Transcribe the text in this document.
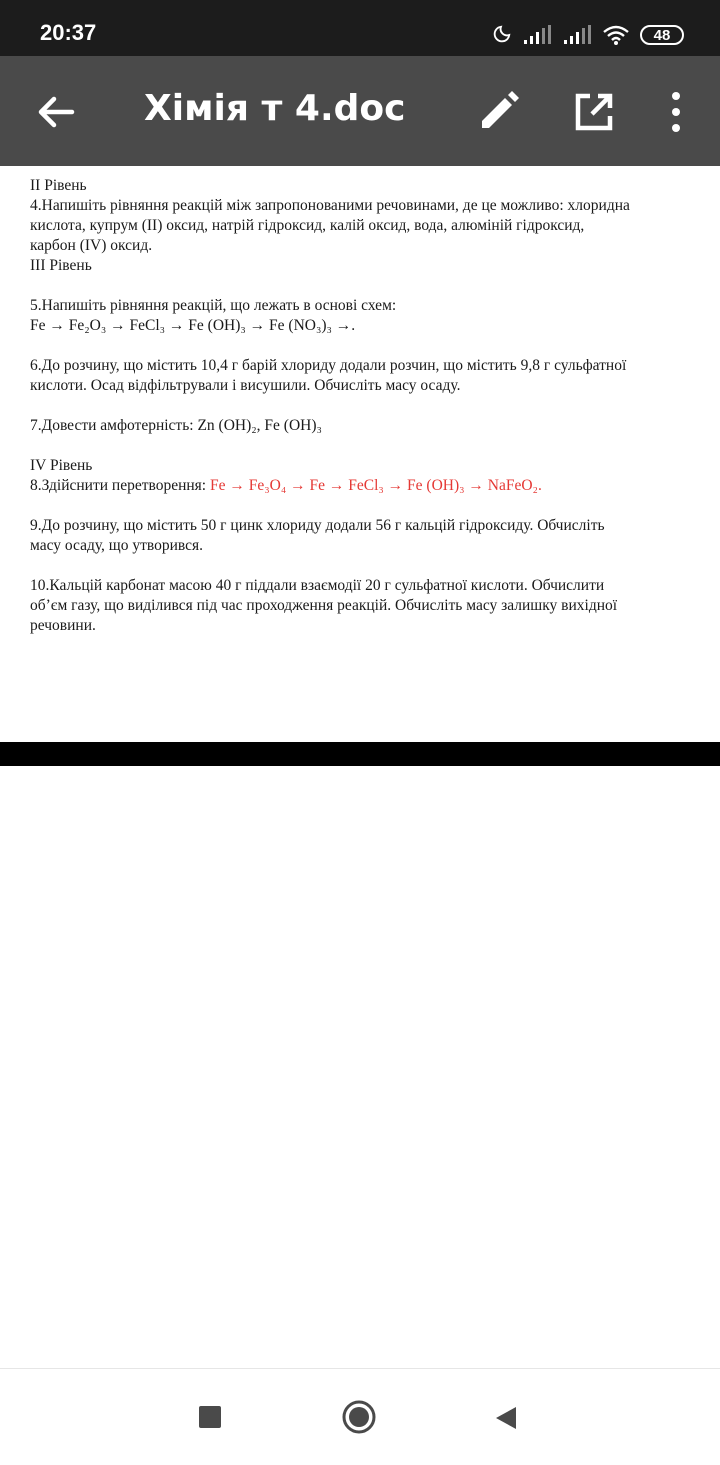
20:37	48
Хімія т 4.doc

II Рівень

4.Напишіть рівняння реакцій між запропонованими речовинами, де це можливо: хлоридна

кислота, купрум (II) оксид, натрій гідроксид, калій оксид, вода, алюміній гідроксид,

карбон (IV) оксид.

III Рівень

5.Напишіть рівняння реакцій, що лежать в основі схем:

Fe → Fe₂O₃ → FeCl₃ → Fe (OH)₃ → Fe (NO₃)₃ →.

6.До розчину, що містить 10,4 г барій хлориду додали розчин, що містить 9,8 г сульфатної

кислоти. Осад відфільтрували і висушили. Обчисліть масу осаду.

7.Довести амфотерність: Zn (OH)₂, Fe (OH)₃

IV Рівень

8.Здійснити перетворення: Fe → Fe₃O₄ → Fe → FeCl₃ → Fe (OH)₃ → NaFeO₂.

9.До розчину, що містить 50 г цинк хлориду додали 56 г кальцій гідроксиду. Обчисліть

масу осаду, що утворився.

10.Кальцій карбонат масою 40 г піддали взаємодії 20 г сульфатної кислоти. Обчислити

об’єм газу, що виділився під час проходження реакцій. Обчисліть масу залишку вихідної

речовини.
